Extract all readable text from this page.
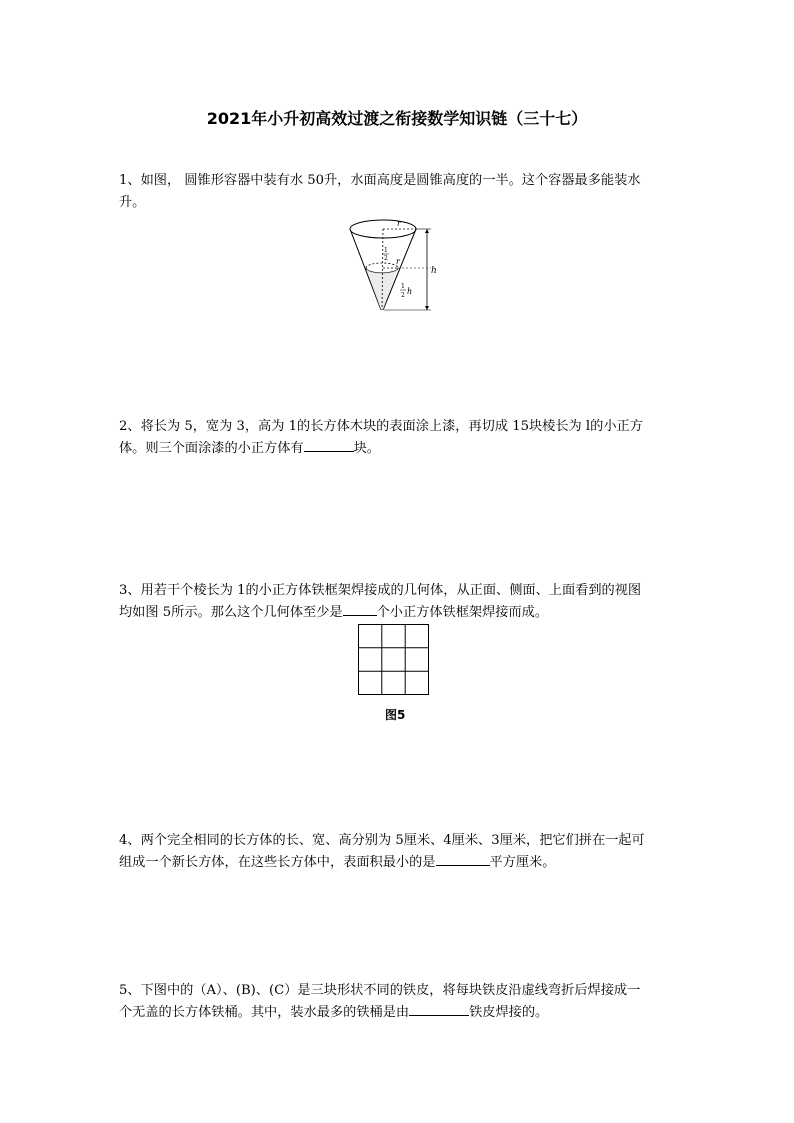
2021年小升初高效过渡之衔接数学知识链（三十七）

1、如图， 圆锥形容器中装有水 50升，水面高度是圆锥高度的一半。这个容器最多能装水
升。

r
r
1
2
h
1
2 h

2、将长为 5，宽为 3，高为 1的长方体木块的表面涂上漆，再切成 15块棱长为 l的小正方
体。则三个面涂漆的小正方体有	块。

3、用若干个棱长为 1的小正方体铁框架焊接成的几何体，从正面、侧面、上面看到的视图
均如图 5所示。那么这个几何体至少是	个小正方体铁框架焊接而成。

图5

4、两个完全相同的长方体的长、宽、高分别为 5厘米、4厘米、3厘米，把它们拼在一起可
组成一个新长方体，在这些长方体中，表面积最小的是	平方厘米。

5、下图中的（A）、(B)、(C）是三块形状不同的铁皮，将每块铁皮沿虚线弯折后焊接成一
个无盖的长方体铁桶。其中，装水最多的铁桶是由	铁皮焊接的。
